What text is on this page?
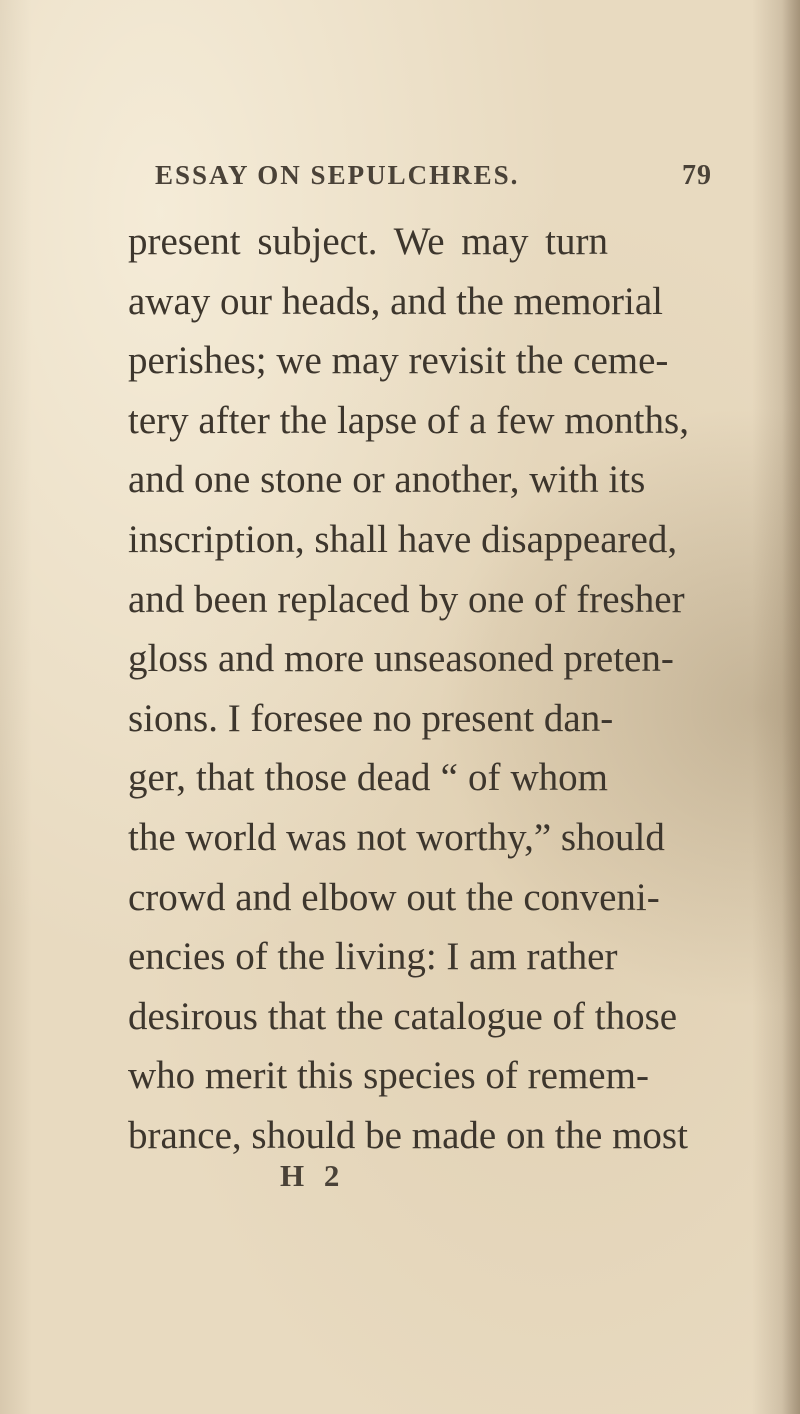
ESSAY ON SEPULCHRES.	79
present subject. We may turn
away our heads, and the memorial
perishes; we may revisit the ceme-
tery after the lapse of a few months,
and one stone or another, with its
inscription, shall have disappeared,
and been replaced by one of fresher
gloss and more unseasoned preten-
sions. I foresee no present dan-
ger, that those dead “ of whom
the world was not worthy,” should
crowd and elbow out the conveni-
encies of the living: I am rather
desirous that the catalogue of those
who merit this species of remem-
brance, should be made on the most
H 2
